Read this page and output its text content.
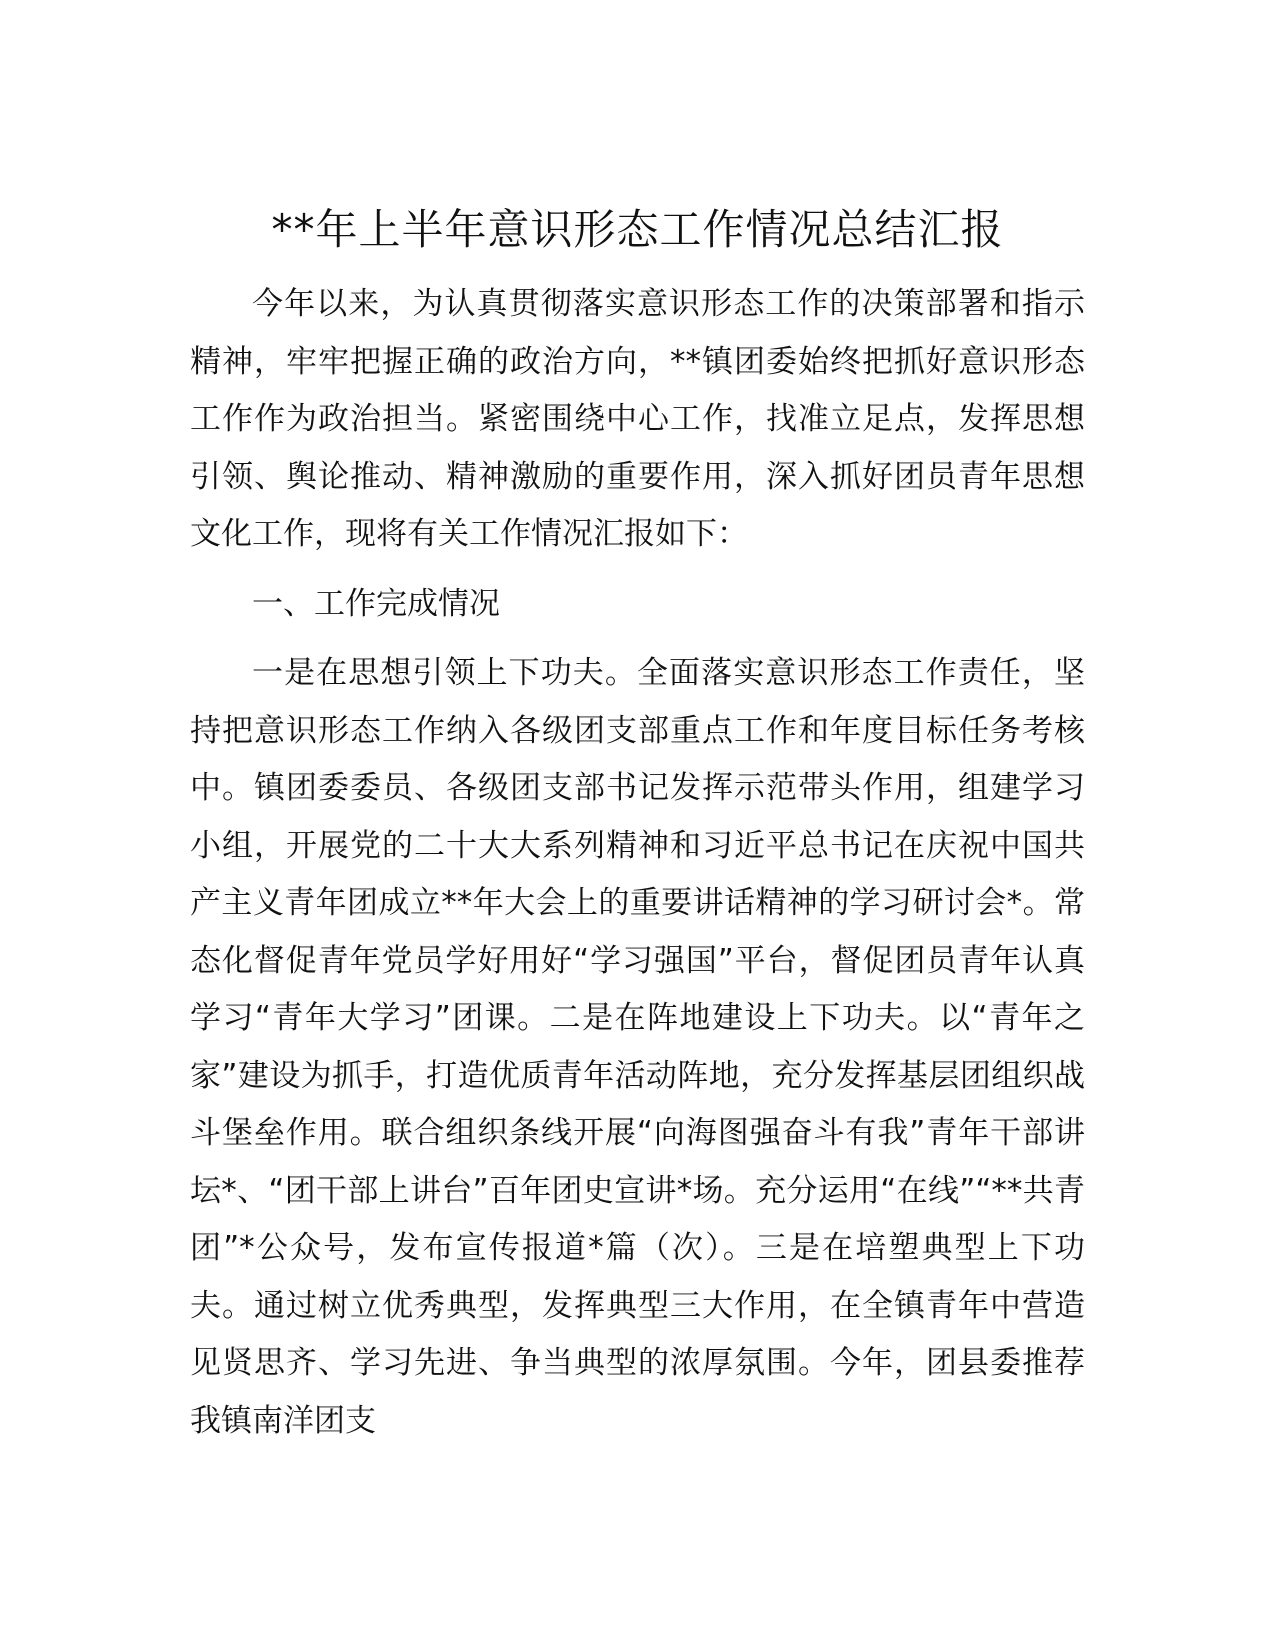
**年上半年意识形态工作情况总结汇报

今年以来，为认真贯彻落实意识形态工作的决策部署和指示精神，牢牢把握正确的政治方向，**镇团委始终把抓好意识形态工作作为政治担当。紧密围绕中心工作，找准立足点，发挥思想引领、舆论推动、精神激励的重要作用，深入抓好团员青年思想文化工作，现将有关工作情况汇报如下：

一、工作完成情况

一是在思想引领上下功夫。全面落实意识形态工作责任，坚持把意识形态工作纳入各级团支部重点工作和年度目标任务考核中。镇团委委员、各级团支部书记发挥示范带头作用，组建学习小组，开展党的二十大大系列精神和习近平总书记在庆祝中国共产主义青年团成立**年大会上的重要讲话精神的学习研讨会*。常态化督促青年党员学好用好“学习强国”平台，督促团员青年认真学习“青年大学习”团课。二是在阵地建设上下功夫。以“青年之家”建设为抓手，打造优质青年活动阵地，充分发挥基层团组织战斗堡垒作用。联合组织条线开展“向海图强奋斗有我”青年干部讲坛*、“团干部上讲台”百年团史宣讲*场。充分运用“在线”“**共青团”*公众号，发布宣传报道*篇（次）。三是在培塑典型上下功夫。通过树立优秀典型，发挥典型三大作用，在全镇青年中营造见贤思齐、学习先进、争当典型的浓厚氛围。今年，团县委推荐我镇南洋团支
